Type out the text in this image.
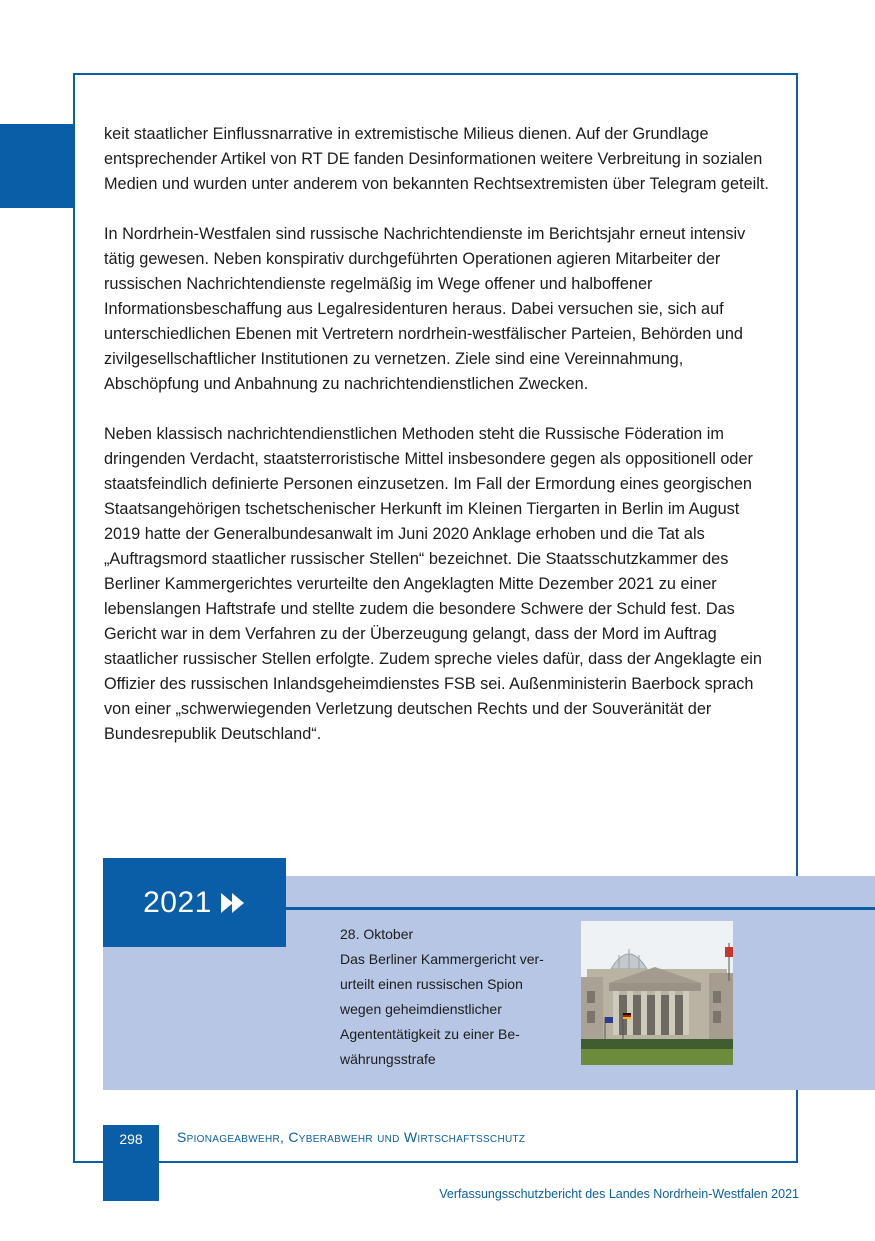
keit staatlicher Einflussnarrative in extremistische Milieus dienen. Auf der Grundlage entsprechender Artikel von RT DE fanden Desinformationen weitere Verbreitung in sozialen Medien und wurden unter anderem von bekannten Rechtsextremisten über Telegram geteilt.

In Nordrhein-Westfalen sind russische Nachrichtendienste im Berichtsjahr erneut intensiv tätig gewesen. Neben konspirativ durchgeführten Operationen agieren Mitarbeiter der russischen Nachrichtendienste regelmäßig im Wege offener und halboffener Informationsbeschaffung aus Legalresidenturen heraus. Dabei versuchen sie, sich auf unterschiedlichen Ebenen mit Vertretern nordrhein-westfälischer Parteien, Behörden und zivilgesellschaftlicher Institutionen zu vernetzen. Ziele sind eine Vereinnahmung, Abschöpfung und Anbahnung zu nachrichtendienstlichen Zwecken.

Neben klassisch nachrichtendienstlichen Methoden steht die Russische Föderation im dringenden Verdacht, staatsterroristische Mittel insbesondere gegen als oppositionell oder staatsfeindlich definierte Personen einzusetzen. Im Fall der Ermordung eines georgischen Staatsangehörigen tschetschenischer Herkunft im Kleinen Tiergarten in Berlin im August 2019 hatte der Generalbundesanwalt im Juni 2020 Anklage erhoben und die Tat als „Auftragsmord staatlicher russischer Stellen“ bezeichnet. Die Staatsschutzkammer des Berliner Kammergerichtes verurteilte den Angeklagten Mitte Dezember 2021 zu einer lebenslangen Haftstrafe und stellte zudem die besondere Schwere der Schuld fest. Das Gericht war in dem Verfahren zu der Überzeugung gelangt, dass der Mord im Auftrag staatlicher russischer Stellen erfolgte. Zudem spreche vieles dafür, dass der Angeklagte ein Offizier des russischen Inlandsgeheimdienstes FSB sei. Außenministerin Baerbock sprach von einer „schwerwiegenden Verletzung deutschen Rechts und der Souveränität der Bundesrepublik Deutschland“.

2021
28. Oktober
Das Berliner Kammergericht ver-
urteilt einen russischen Spion
wegen geheimdienstlicher
Agententätigkeit zu einer Be-
währungsstrafe
298	Spionageabwehr, Cyberabwehr und Wirtschaftsschutz
Verfassungsschutzbericht des Landes Nordrhein-Westfalen 2021
